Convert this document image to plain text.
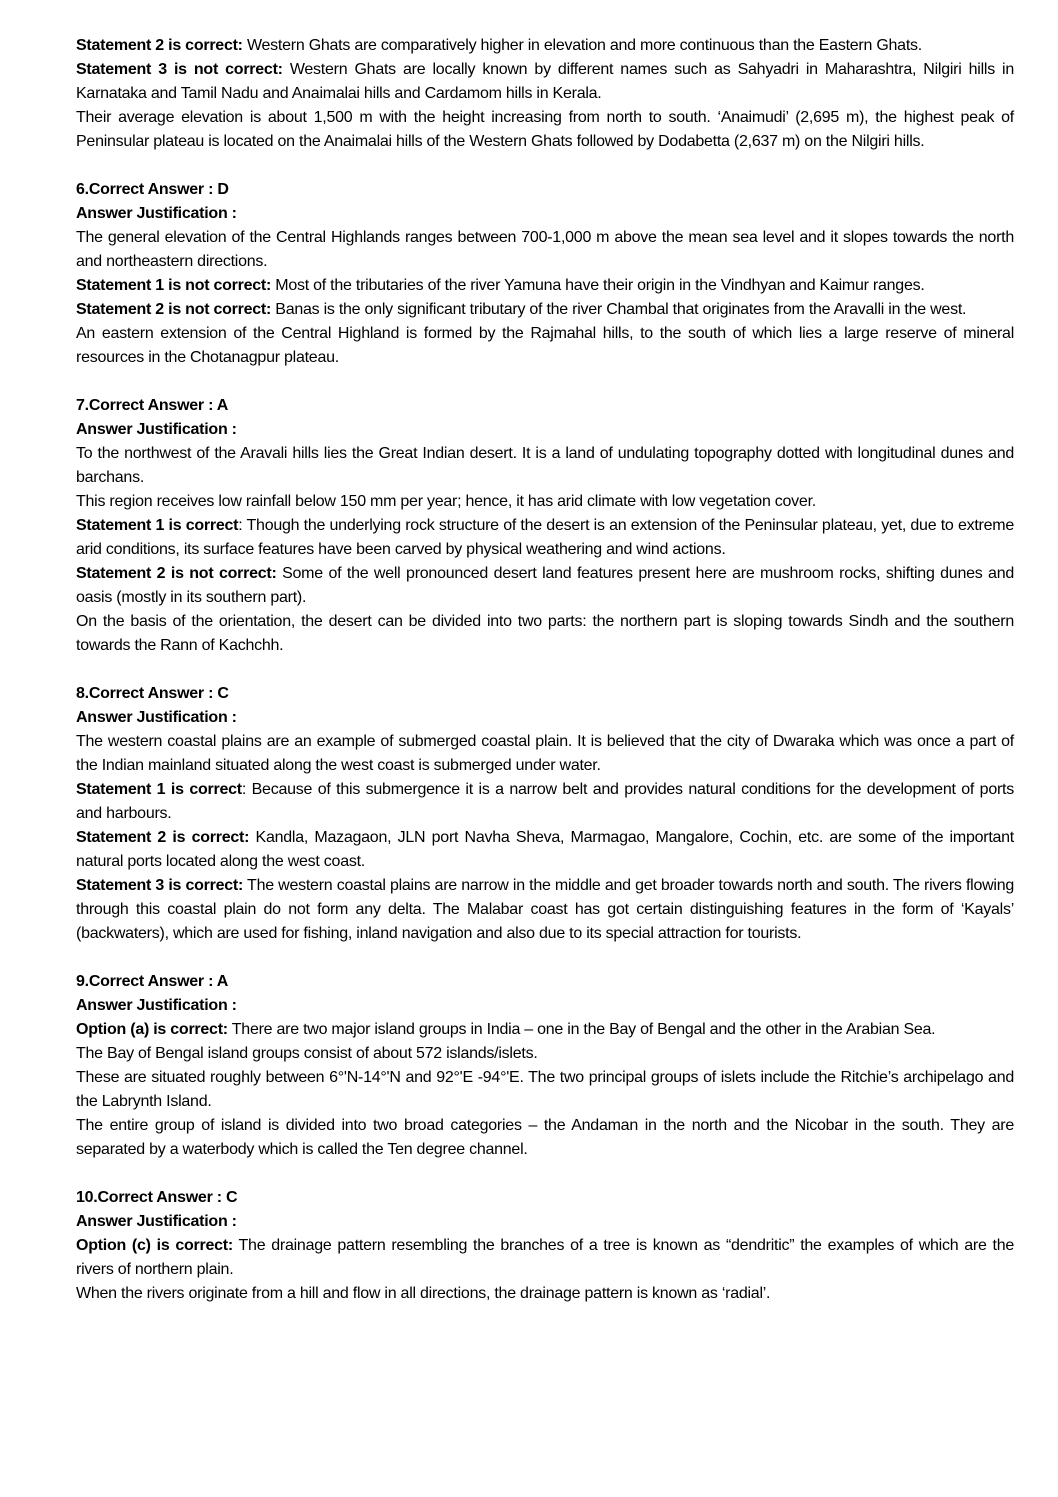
Statement 2 is correct: Western Ghats are comparatively higher in elevation and more continuous than the Eastern Ghats.

Statement 3 is not correct: Western Ghats are locally known by different names such as Sahyadri in Maharashtra, Nilgiri hills in Karnataka and Tamil Nadu and Anaimalai hills and Cardamom hills in Kerala.

Their average elevation is about 1,500 m with the height increasing from north to south. ‘Anaimudi’ (2,695 m), the highest peak of Peninsular plateau is located on the Anaimalai hills of the Western Ghats followed by Dodabetta (2,637 m) on the Nilgiri hills.

6.Correct Answer : D

Answer Justification :

The general elevation of the Central Highlands ranges between 700-1,000 m above the mean sea level and it slopes towards the north and northeastern directions.

Statement 1 is not correct: Most of the tributaries of the river Yamuna have their origin in the Vindhyan and Kaimur ranges.

Statement 2 is not correct: Banas is the only significant tributary of the river Chambal that originates from the Aravalli in the west.

An eastern extension of the Central Highland is formed by the Rajmahal hills, to the south of which lies a large reserve of mineral resources in the Chotanagpur plateau.

7.Correct Answer : A

Answer Justification :

To the northwest of the Aravali hills lies the Great Indian desert. It is a land of undulating topography dotted with longitudinal dunes and barchans.

This region receives low rainfall below 150 mm per year; hence, it has arid climate with low vegetation cover.

Statement 1 is correct: Though the underlying rock structure of the desert is an extension of the Peninsular plateau, yet, due to extreme arid conditions, its surface features have been carved by physical weathering and wind actions.

Statement 2 is not correct: Some of the well pronounced desert land features present here are mushroom rocks, shifting dunes and oasis (mostly in its southern part).

On the basis of the orientation, the desert can be divided into two parts: the northern part is sloping towards Sindh and the southern towards the Rann of Kachchh.

8.Correct Answer : C

Answer Justification :

The western coastal plains are an example of submerged coastal plain. It is believed that the city of Dwaraka which was once a part of the Indian mainland situated along the west coast is submerged under water.

Statement 1 is correct: Because of this submergence it is a narrow belt and provides natural conditions for the development of ports and harbours.

Statement 2 is correct: Kandla, Mazagaon, JLN port Navha Sheva, Marmagao, Mangalore, Cochin, etc. are some of the important natural ports located along the west coast.

Statement 3 is correct: The western coastal plains are narrow in the middle and get broader towards north and south. The rivers flowing through this coastal plain do not form any delta. The Malabar coast has got certain distinguishing features in the form of ‘Kayals’ (backwaters), which are used for fishing, inland navigation and also due to its special attraction for tourists.

9.Correct Answer : A

Answer Justification :

Option (a) is correct: There are two major island groups in India – one in the Bay of Bengal and the other in the Arabian Sea.

The Bay of Bengal island groups consist of about 572 islands/islets.

These are situated roughly between 6°'N-14°'N and 92°'E -94°'E. The two principal groups of islets include the Ritchie’s archipelago and the Labrynth Island.

The entire group of island is divided into two broad categories – the Andaman in the north and the Nicobar in the south. They are separated by a waterbody which is called the Ten degree channel.

10.Correct Answer : C

Answer Justification :

Option (c) is correct: The drainage pattern resembling the branches of a tree is known as “dendritic” the examples of which are the rivers of northern plain.

When the rivers originate from a hill and flow in all directions, the drainage pattern is known as ‘radial’.
